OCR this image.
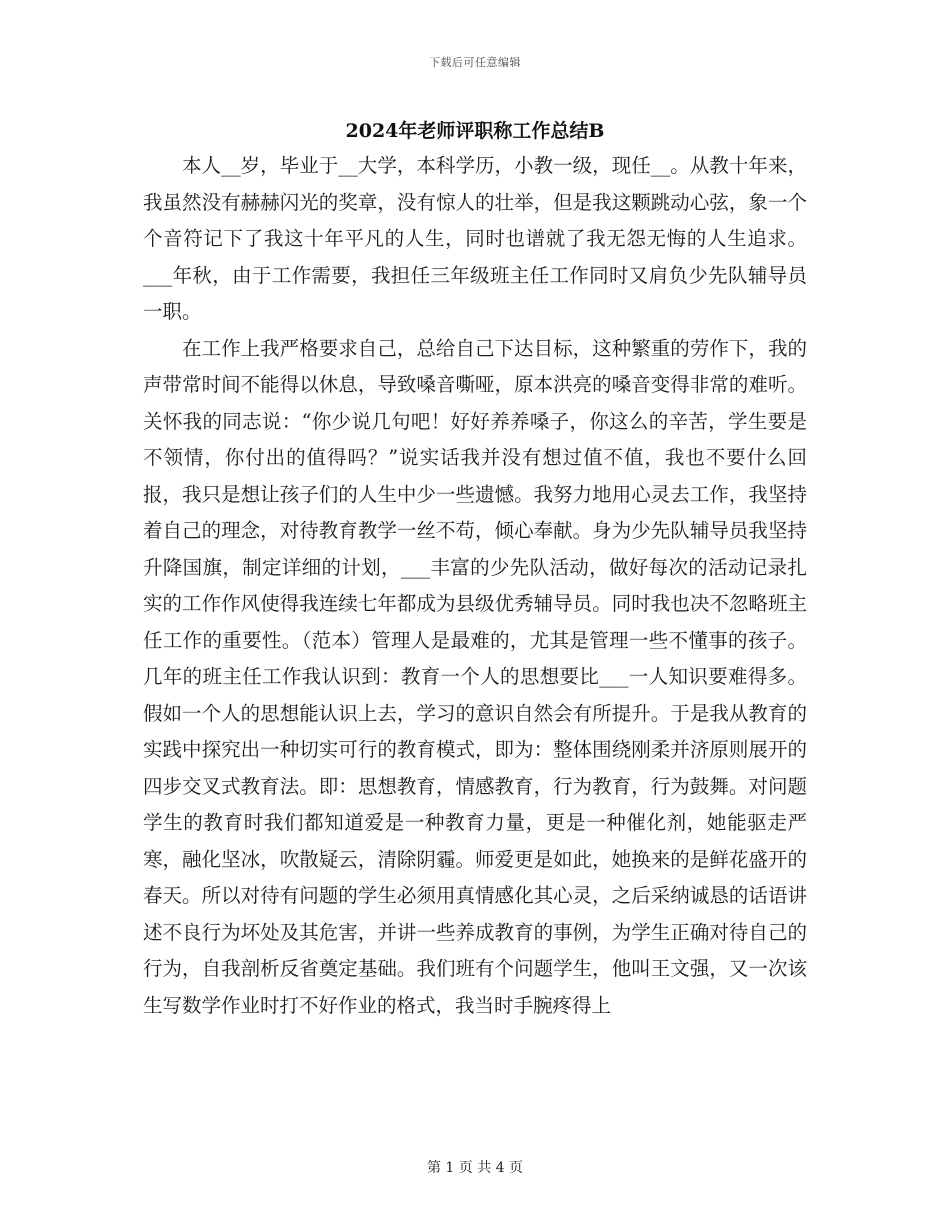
下载后可任意编辑
2024年老师评职称工作总结B

本人__岁，毕业于__大学，本科学历，小教一级，现任__。从教十年来，我虽然没有赫赫闪光的奖章，没有惊人的壮举，但是我这颗跳动心弦，象一个个音符记下了我这十年平凡的人生，同时也谱就了我无怨无悔的人生追求。___年秋，由于工作需要，我担任三年级班主任工作同时又肩负少先队辅导员一职。

在工作上我严格要求自己，总给自己下达目标，这种繁重的劳作下，我的声带常时间不能得以休息，导致嗓音嘶哑，原本洪亮的嗓音变得非常的难听。关怀我的同志说：“你少说几句吧！好好养养嗓子，你这么的辛苦，学生要是不领情，你付出的值得吗？”说实话我并没有想过值不值，我也不要什么回报，我只是想让孩子们的人生中少一些遗憾。我努力地用心灵去工作，我坚持着自己的理念，对待教育教学一丝不苟，倾心奉献。身为少先队辅导员我坚持升降国旗，制定详细的计划，___丰富的少先队活动，做好每次的活动记录扎实的工作作风使得我连续七年都成为县级优秀辅导员。同时我也决不忽略班主任工作的重要性。（范本）管理人是最难的，尤其是管理一些不懂事的孩子。几年的班主任工作我认识到：教育一个人的思想要比___一人知识要难得多。假如一个人的思想能认识上去，学习的意识自然会有所提升。于是我从教育的实践中探究出一种切实可行的教育模式，即为：整体围绕刚柔并济原则展开的四步交叉式教育法。即：思想教育，情感教育，行为教育，行为鼓舞。对问题学生的教育时我们都知道爱是一种教育力量，更是一种催化剂，她能驱走严寒，融化坚冰，吹散疑云，清除阴霾。师爱更是如此，她换来的是鲜花盛开的春天。所以对待有问题的学生必须用真情感化其心灵，之后采纳诚恳的话语讲述不良行为坏处及其危害，并讲一些养成教育的事例，为学生正确对待自己的行为，自我剖析反省奠定基础。我们班有个问题学生，他叫王文强，又一次该生写数学作业时打不好作业的格式，我当时手腕疼得上

第 1 页 共 4 页
